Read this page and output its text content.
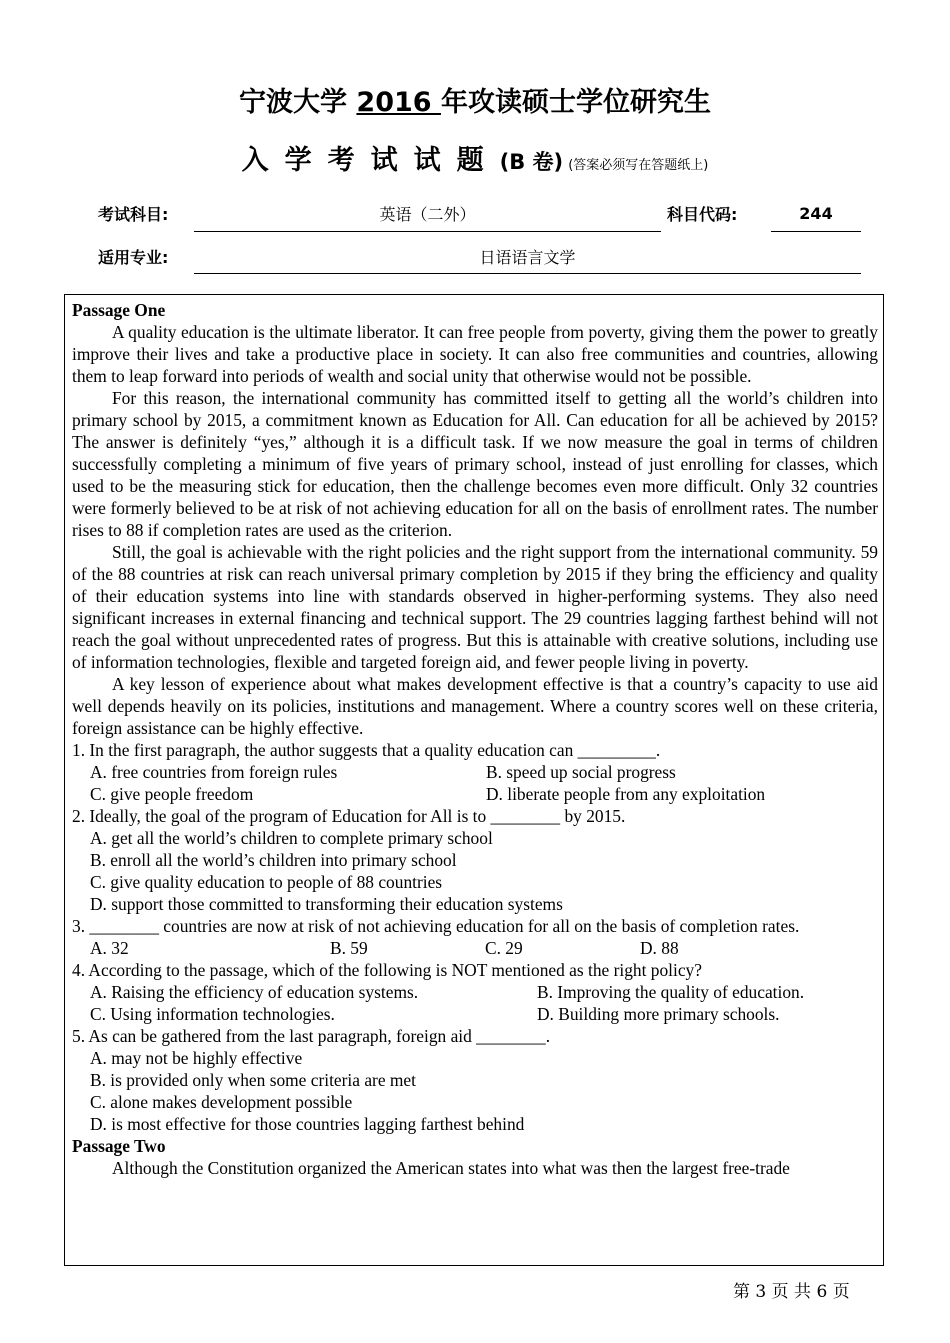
宁波大学 2016 年攻读硕士学位研究生
入学考试试题(B 卷) (答案必须写在答题纸上)
考试科目:	英语（二外）	科目代码:	244
适用专业:	日语语言文学
Passage One

A quality education is the ultimate liberator. It can free people from poverty, giving them the power to greatly improve their lives and take a productive place in society. It can also free communities and countries, allowing them to leap forward into periods of wealth and social unity that otherwise would not be possible.

For this reason, the international community has committed itself to getting all the world’s children into primary school by 2015, a commitment known as Education for All. Can education for all be achieved by 2015? The answer is definitely “yes,” although it is a difficult task. If we now measure the goal in terms of children successfully completing a minimum of five years of primary school, instead of just enrolling for classes, which used to be the measuring stick for education, then the challenge becomes even more difficult. Only 32 countries were formerly believed to be at risk of not achieving education for all on the basis of enrollment rates. The number rises to 88 if completion rates are used as the criterion.

Still, the goal is achievable with the right policies and the right support from the international community. 59 of the 88 countries at risk can reach universal primary completion by 2015 if they bring the efficiency and quality of their education systems into line with standards observed in higher-performing systems. They also need significant increases in external financing and technical support. The 29 countries lagging farthest behind will not reach the goal without unprecedented rates of progress. But this is attainable with creative solutions, including use of information technologies, flexible and targeted foreign aid, and fewer people living in poverty.

A key lesson of experience about what makes development effective is that a country’s capacity to use aid well depends heavily on its policies, institutions and management. Where a country scores well on these criteria, foreign assistance can be highly effective.

1. In the first paragraph, the author suggests that a quality education can _________.
A. free countries from foreign rules	B. speed up social progress
C. give people freedom	D. liberate people from any exploitation
2. Ideally, the goal of the program of Education for All is to ________ by 2015.
A. get all the world’s children to complete primary school
B. enroll all the world’s children into primary school
C. give quality education to people of 88 countries
D. support those committed to transforming their education systems
3. ________ countries are now at risk of not achieving education for all on the basis of completion rates.
A. 32	B. 59	C. 29	D. 88
4. According to the passage, which of the following is NOT mentioned as the right policy?
A. Raising the efficiency of education systems.	B. Improving the quality of education.
C. Using information technologies.	D. Building more primary schools.
5. As can be gathered from the last paragraph, foreign aid ________.
A. may not be highly effective
B. is provided only when some criteria are met
C. alone makes development possible
D. is most effective for those countries lagging farthest behind
Passage Two

Although the Constitution organized the American states into what was then the largest free-trade

第 3 页 共 6 页
